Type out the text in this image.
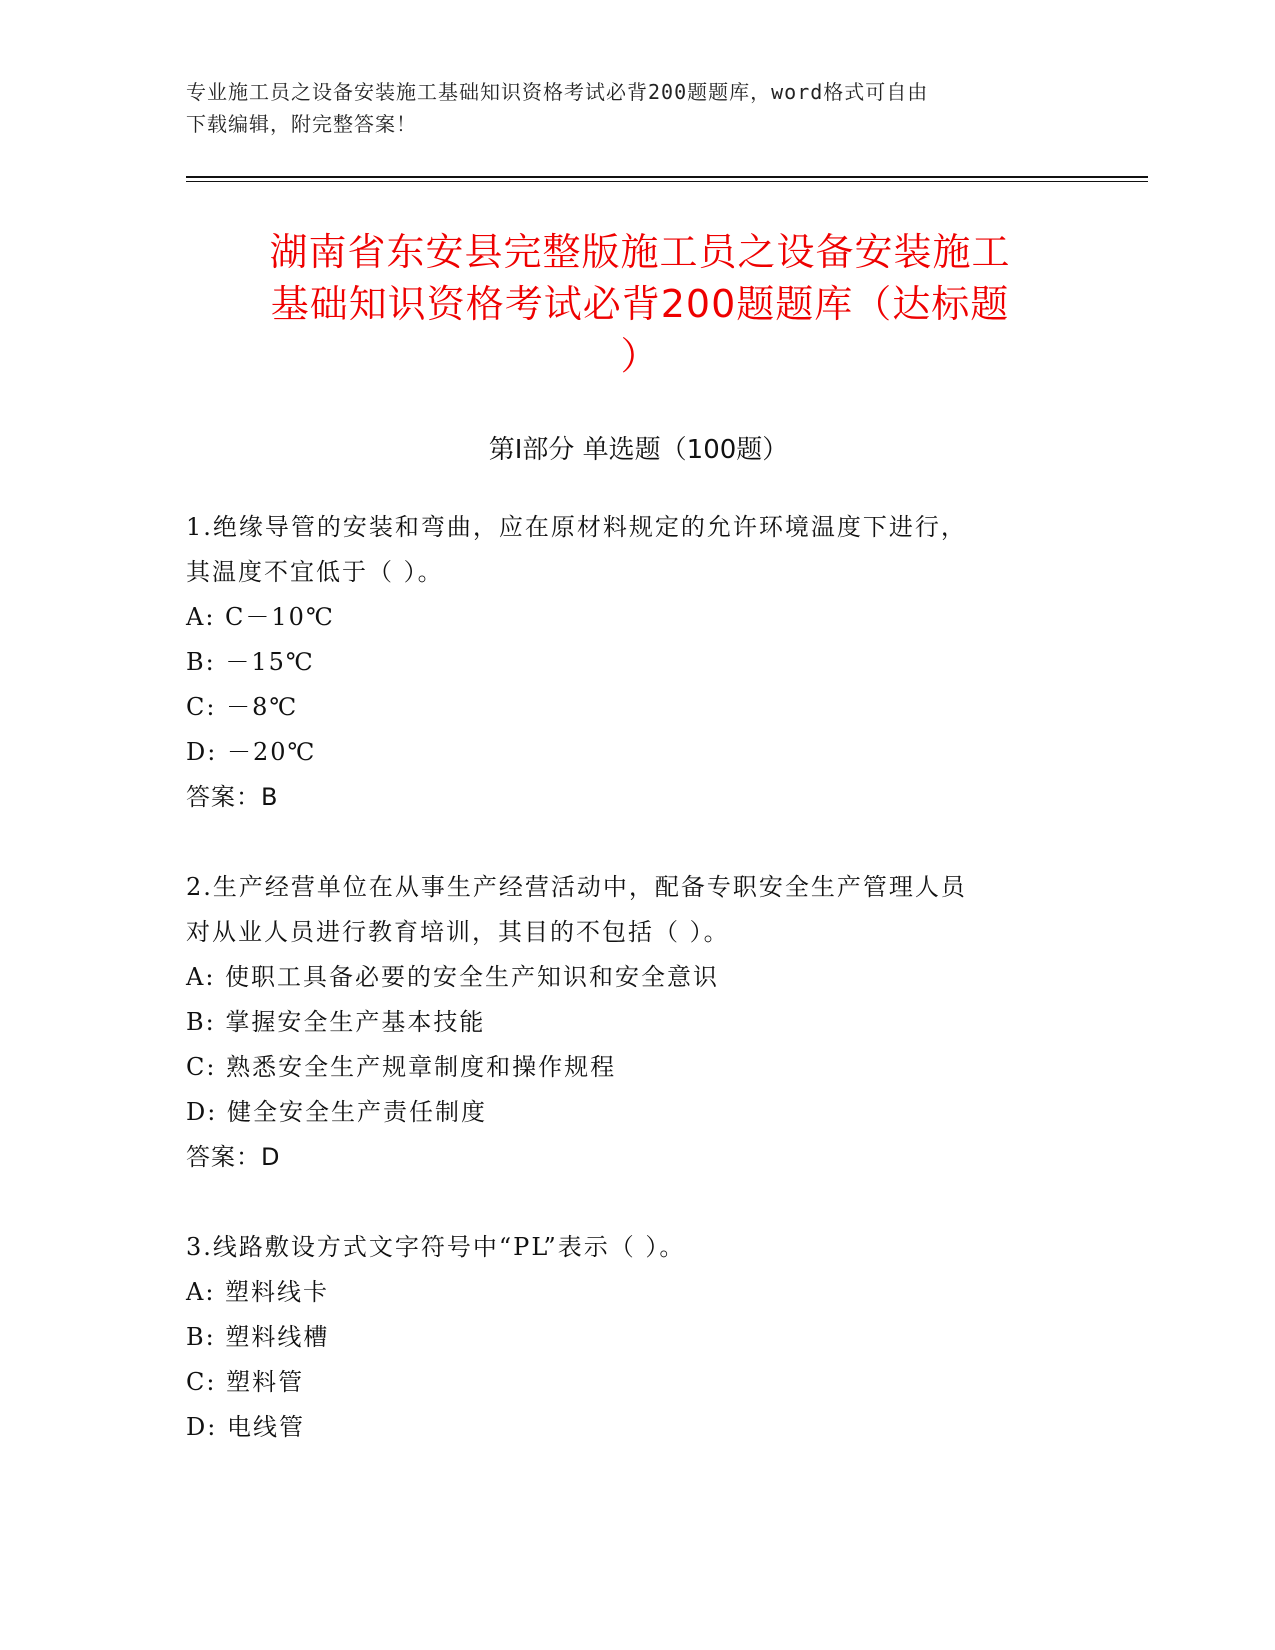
专业施工员之设备安装施工基础知识资格考试必背200题题库，word格式可自由
下载编辑，附完整答案！
湖南省东安县完整版施工员之设备安装施工
基础知识资格考试必背200题题库（达标题
）
第Ⅰ部分 单选题（100题）
1.绝缘导管的安装和弯曲，应在原材料规定的允许环境温度下进行，
其温度不宜低于（ ）。
A: C－10℃
B: －15℃
C: －8℃
D: －20℃
答案：B
2.生产经营单位在从事生产经营活动中，配备专职安全生产管理人员
对从业人员进行教育培训，其目的不包括（ ）。
A: 使职工具备必要的安全生产知识和安全意识
B: 掌握安全生产基本技能
C: 熟悉安全生产规章制度和操作规程
D: 健全安全生产责任制度
答案：D
3.线路敷设方式文字符号中“PL”表示（ ）。
A: 塑料线卡
B: 塑料线槽
C: 塑料管
D: 电线管
